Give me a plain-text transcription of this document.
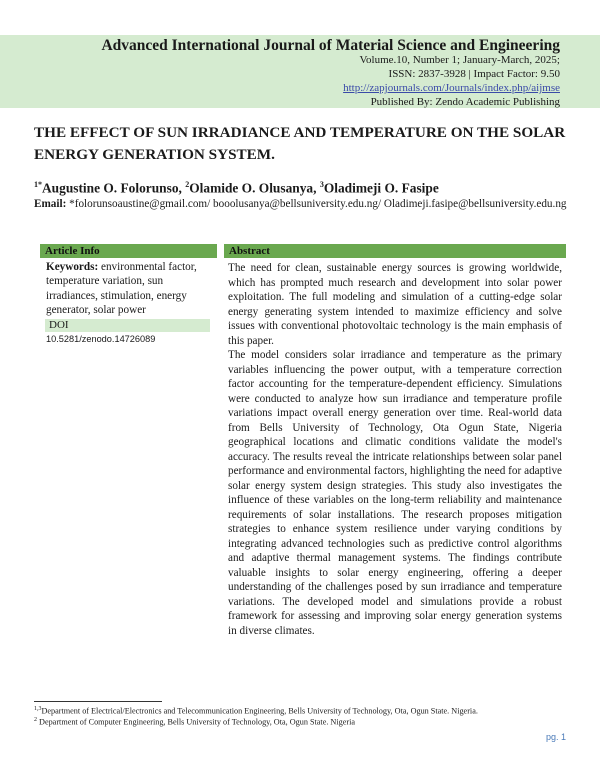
Advanced International Journal of Material Science and Engineering
Volume.10, Number 1; January-March, 2025;
ISSN: 2837-3928 | Impact Factor: 9.50
http://zapjournals.com/Journals/index.php/aijmse
Published By: Zendo Academic Publishing
THE EFFECT OF SUN IRRADIANCE AND TEMPERATURE ON THE SOLAR ENERGY GENERATION SYSTEM.
$^{1*}$Augustine O. Folorunso, $^2$Olamide O. Olusanya, $^3$Oladimeji O. Fasipe
Email: *folorunsoaustine@gmail.com/ booolusanya@bellsuniversity.edu.ng/ Oladimeji.fasipe@bellsuniversity.edu.ng
Article Info
Keywords: environmental factor, temperature variation, sun irradiances, stimulation, energy generator, solar power
DOI
10.5281/zenodo.14726089
Abstract

The need for clean, sustainable energy sources is growing worldwide, which has prompted much research and development into solar power exploitation. The full modeling and simulation of a cutting-edge solar energy generating system intended to maximize efficiency and solve issues with conventional photovoltaic technology is the main emphasis of this paper.

The model considers solar irradiance and temperature as the primary variables influencing the power output, with a temperature correction factor accounting for the temperature-dependent efficiency. Simulations were conducted to analyze how sun irradiance and temperature profile variations impact overall energy generation over time. Real-world data from Bells University of Technology, Ota Ogun State, Nigeria geographical locations and climatic conditions validate the model's accuracy. The results reveal the intricate relationships between solar panel performance and environmental factors, highlighting the need for adaptive solar energy system design strategies. This study also investigates the influence of these variables on the long-term reliability and maintenance requirements of solar installations. The research proposes mitigation strategies to enhance system resilience under varying conditions by integrating advanced technologies such as predictive control algorithms and adaptive thermal management systems. The findings contribute valuable insights to solar energy engineering, offering a deeper understanding of the challenges posed by sun irradiance and temperature variations. The developed model and simulations provide a robust framework for assessing and improving solar energy generation systems in diverse climates.

$^{1,3}$Department of Electrical/Electronics and Telecommunication Engineering, Bells University of Technology, Ota, Ogun State. Nigeria.
$^2$ Department of Computer Engineering, Bells University of Technology, Ota, Ogun State. Nigeria
pg. 1
